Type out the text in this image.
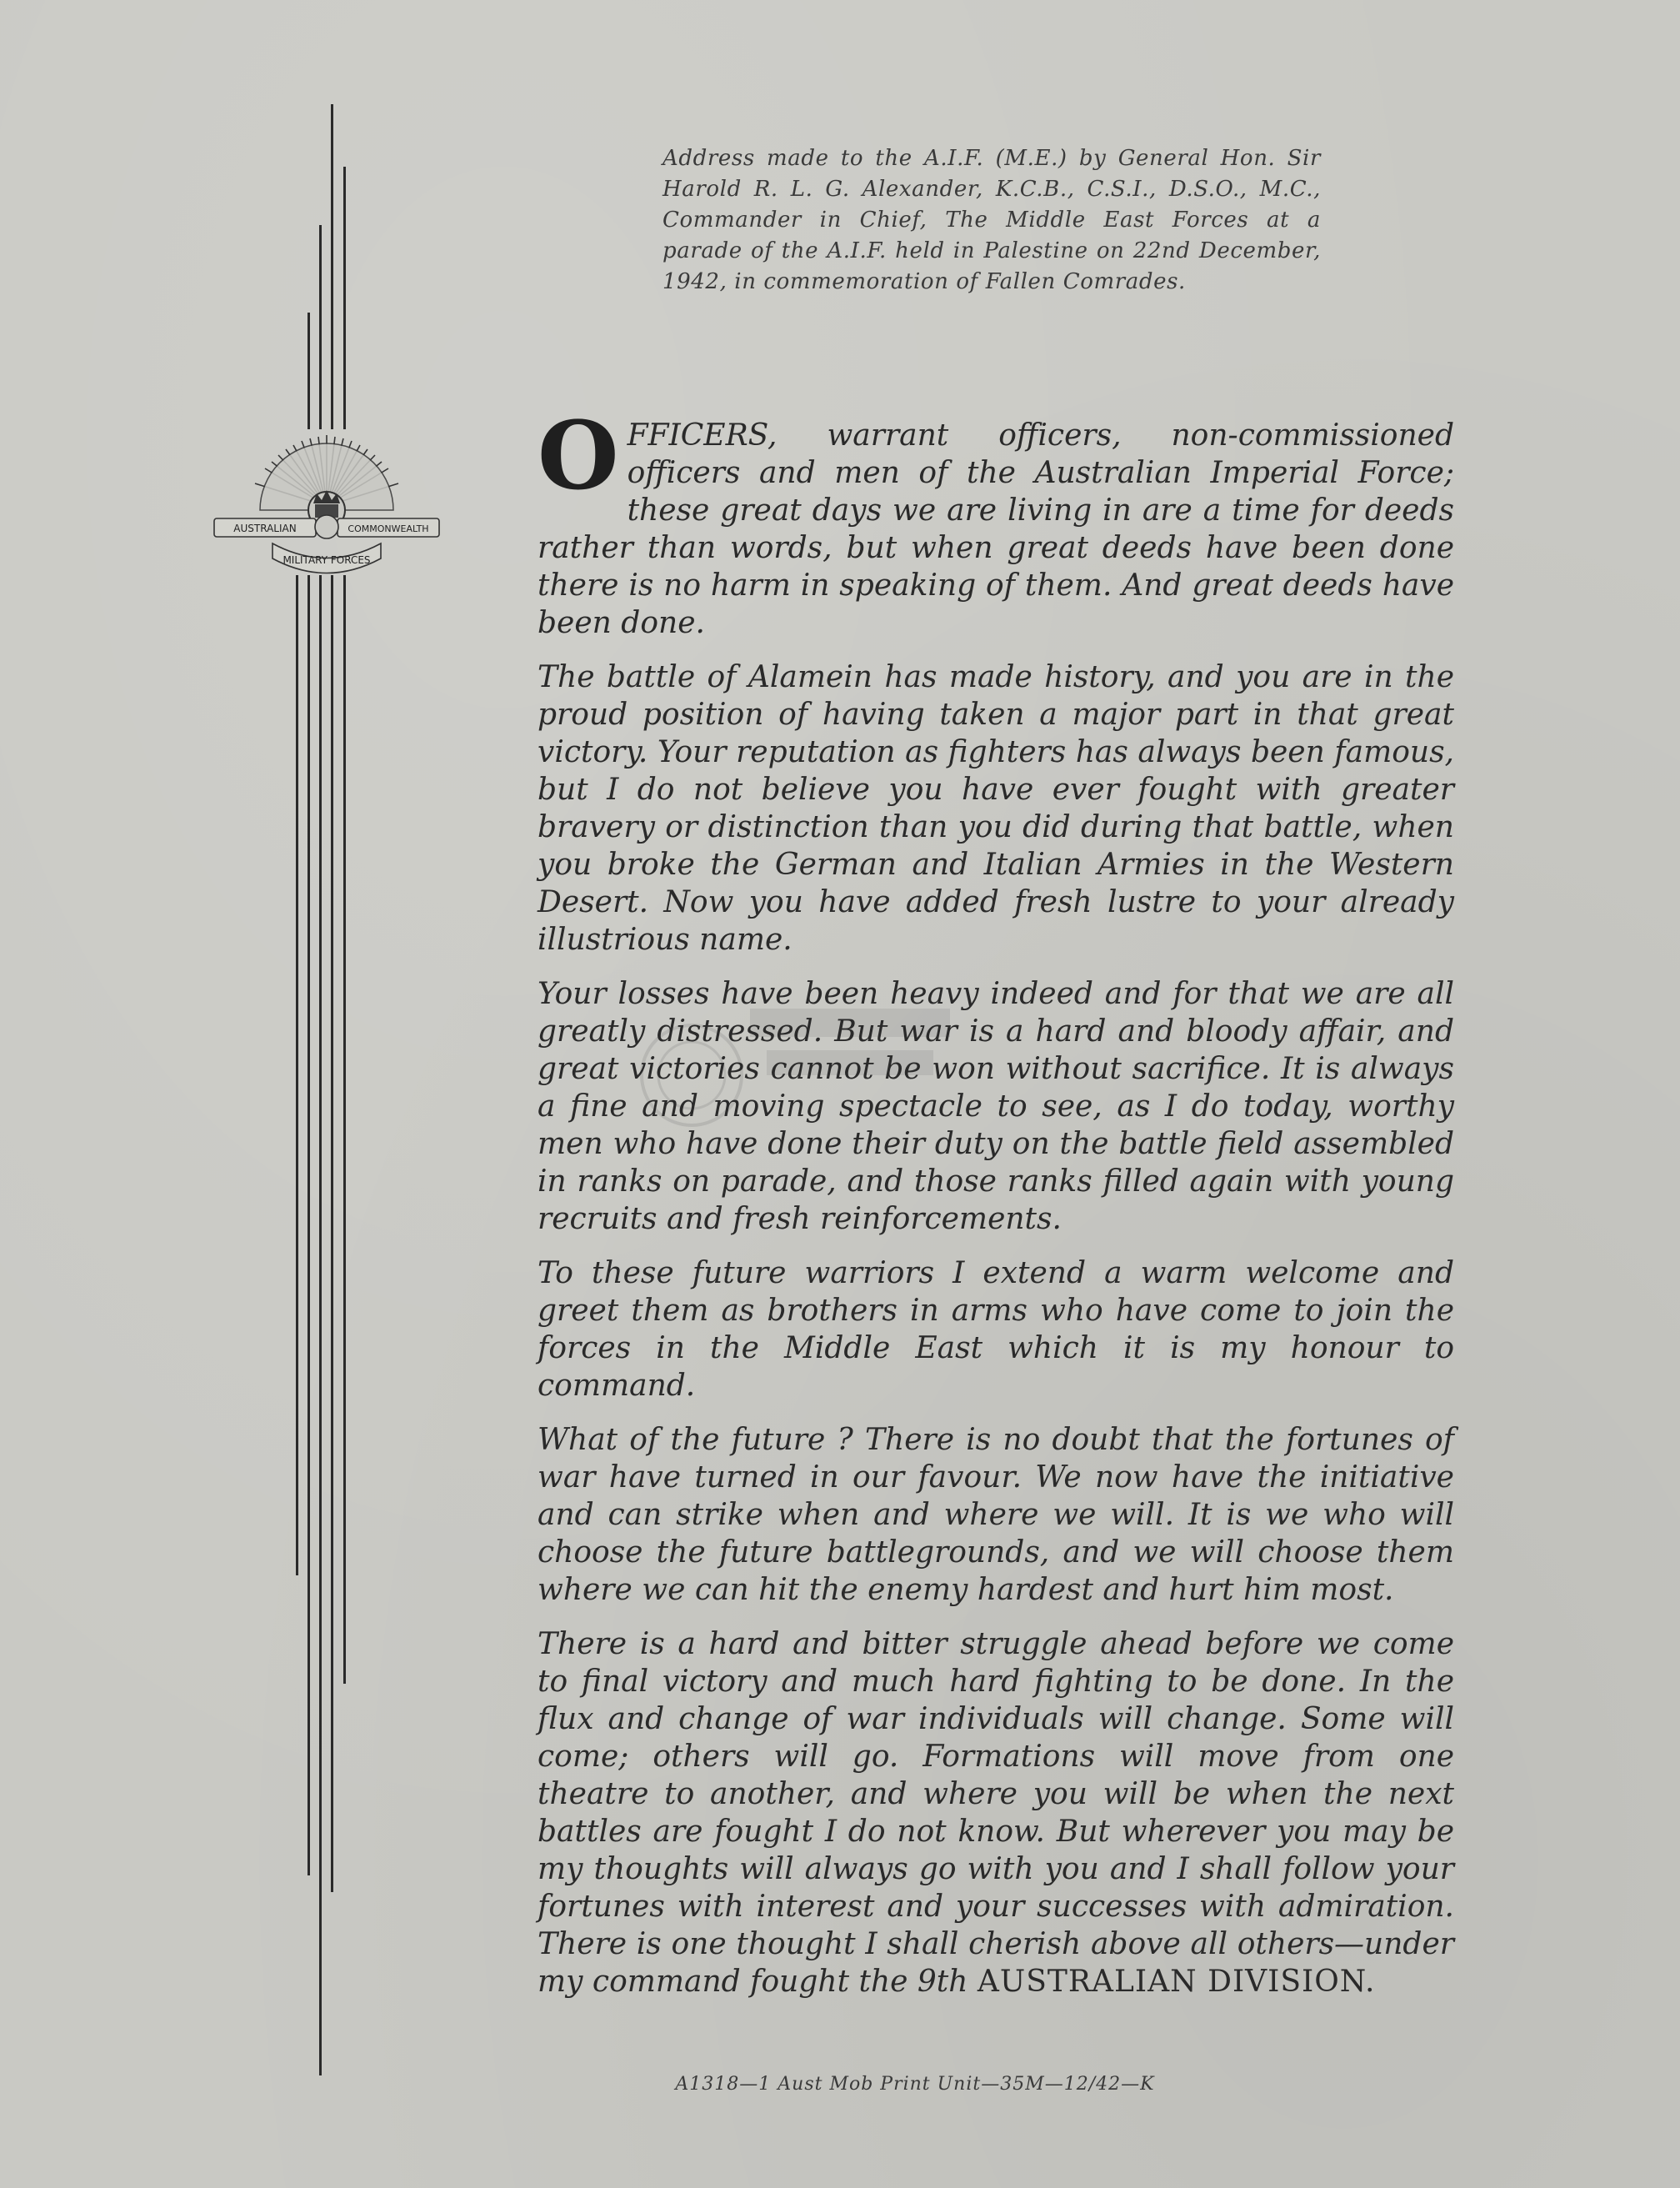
AUSTRALIAN	COMMONWEALTH
MILITARY FORCES
Address made to the A.I.F. (M.E.) by General Hon. Sir Harold R. L. G. Alexander, K.C.B., C.S.I., D.S.O., M.C., Commander in Chief, The Middle East Forces at a parade of the A.I.F. held in Palestine on 22nd December, 1942, in commemoration of Fallen Comrades.

O FFICERS, warrant officers, non-commissioned officers and men of the Australian Imperial Force; these great days we are living in are a time for deeds rather than words, but when great deeds have been done there is no harm in speaking of them. And great deeds have been done.

The battle of Alamein has made history, and you are in the proud position of having taken a major part in that great victory. Your reputation as fighters has always been famous, but I do not believe you have ever fought with greater bravery or distinction than you did during that battle, when you broke the German and Italian Armies in the Western Desert. Now you have added fresh lustre to your already illustrious name.

Your losses have been heavy indeed and for that we are all greatly distressed. But war is a hard and bloody affair, and great victories cannot be won without sacrifice. It is always a fine and moving spectacle to see, as I do today, worthy men who have done their duty on the battle field assembled in ranks on parade, and those ranks filled again with young recruits and fresh reinforcements.

To these future warriors I extend a warm welcome and greet them as brothers in arms who have come to join the forces in the Middle East which it is my honour to command.

What of the future ? There is no doubt that the fortunes of war have turned in our favour. We now have the initiative and can strike when and where we will. It is we who will choose the future battlegrounds, and we will choose them where we can hit the enemy hardest and hurt him most.

There is a hard and bitter struggle ahead before we come to final victory and much hard fighting to be done. In the flux and change of war individuals will change. Some will come; others will go. Formations will move from one theatre to another, and where you will be when the next battles are fought I do not know. But wherever you may be my thoughts will always go with you and I shall follow your fortunes with interest and your successes with admiration. There is one thought I shall cherish above all others—under my command fought the 9th AUSTRALIAN DIVISION.

A1318—1 Aust Mob Print Unit—35M—12/42—K
